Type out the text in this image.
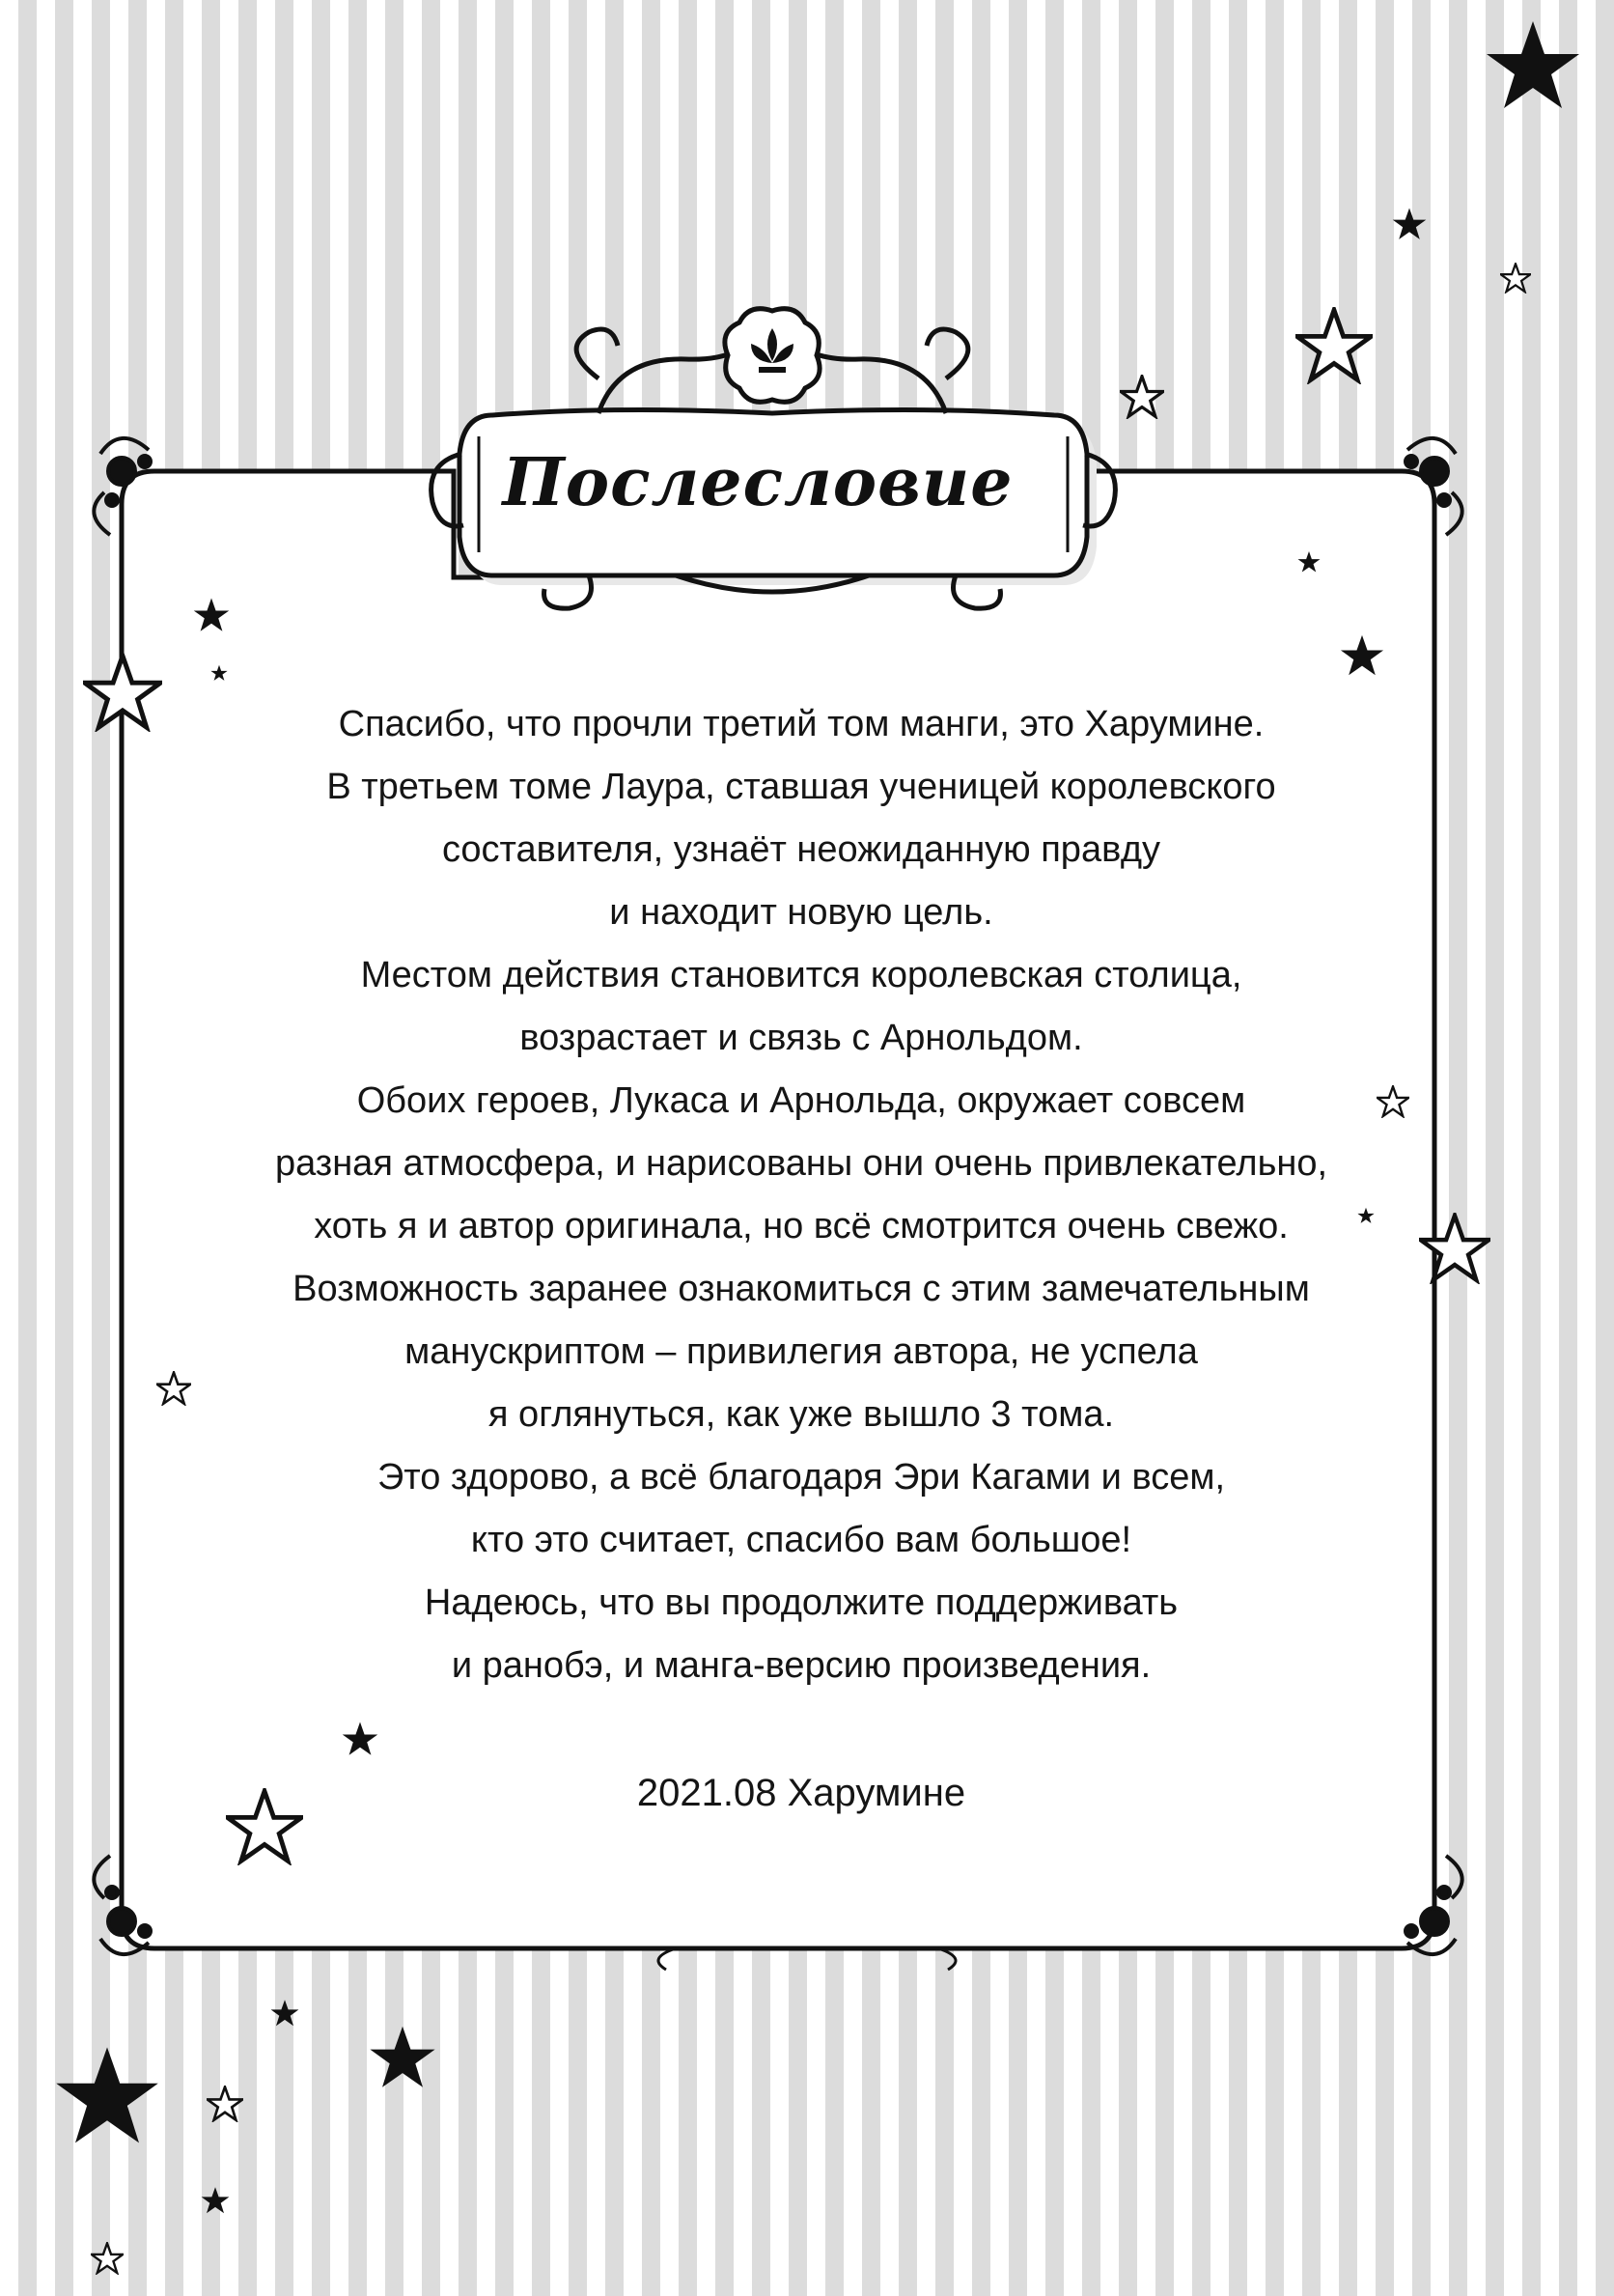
Послесловие
Спасибо, что прочли третий том манги, это Харумине.
В третьем томе Лаура, ставшая ученицей королевского
составителя, узнаёт неожиданную правду
и находит новую цель.
Местом действия становится королевская столица,
возрастает и связь с Арнольдом.
Обоих героев, Лукаса и Арнольда, окружает совсем
разная атмосфера, и нарисованы они очень привлекательно,
хоть я и автор оригинала, но всё смотрится очень свежо.
Возможность заранее ознакомиться с этим замечательным
манускриптом – привилегия автора, не успела
я оглянуться, как уже вышло 3 тома.
Это здорово, а всё благодаря Эри Кагами и всем,
кто это считает, спасибо вам большое!
Надеюсь, что вы продолжите поддерживать
и ранобэ, и манга-версию произведения.
2021.08 Харумине
